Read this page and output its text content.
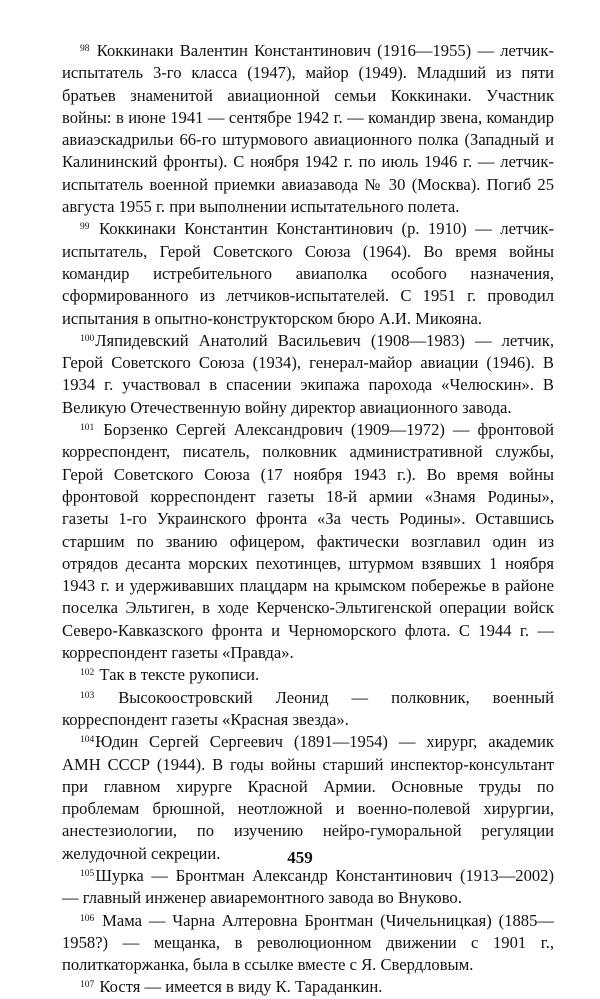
$^{98}$ Коккинаки Валентин Константинович (1916—1955) — летчик-испытатель 3-го класса (1947), майор (1949). Младший из пяти братьев знаменитой авиационной семьи Коккинаки. Участник войны: в июне 1941 — сентябре 1942 г. — командир звена, командир авиаэскадрильи 66-го штурмового авиационного полка (Западный и Калининский фронты). С ноября 1942 г. по июль 1946 г. — летчик-испытатель военной приемки авиазавода № 30 (Москва). Погиб 25 августа 1955 г. при выполнении испытательного полета.

$^{99}$ Коккинаки Константин Константинович (р. 1910) — летчик-испытатель, Герой Советского Союза (1964). Во время войны командир истребительного авиаполка особого назначения, сформированного из летчиков-испытателей. С 1951 г. проводил испытания в опытно-конструкторском бюро А.И. Микояна.

$^{100}$Ляпидевский Анатолий Васильевич (1908—1983) — летчик, Герой Советского Союза (1934), генерал-майор авиации (1946). В 1934 г. участвовал в спасении экипажа парохода «Челюскин». В Великую Отечественную войну директор авиационного завода.

$^{101}$ Борзенко Сергей Александрович (1909—1972) — фронтовой корреспондент, писатель, полковник административной службы, Герой Советского Союза (17 ноября 1943 г.). Во время войны фронтовой корреспондент газеты 18-й армии «Знамя Родины», газеты 1-го Украинского фронта «За честь Родины». Оставшись старшим по званию офицером, фактически возглавил один из отрядов десанта морских пехотинцев, штурмом взявших 1 ноября 1943 г. и удерживавших плацдарм на крымском побережье в районе поселка Эльтиген, в ходе Керченско-Эльтигенской операции войск Северо-Кавказского фронта и Черноморского флота. С 1944 г. — корреспондент газеты «Правда».

$^{102}$ Так в тексте рукописи.

$^{103}$ Высокоостровский Леонид — полковник, военный корреспондент газеты «Красная звезда».

$^{104}$Юдин Сергей Сергеевич (1891—1954) — хирург, академик АМН СССР (1944). В годы войны старший инспектор-консультант при главном хирурге Красной Армии. Основные труды по проблемам брюшной, неотложной и военно-полевой хирургии, анестезиологии, по изучению нейро-гуморальной регуляции желудочной секреции.

$^{105}$Шурка — Бронтман Александр Константинович (1913—2002) — главный инженер авиаремонтного завода во Внуково.

$^{106}$ Мама — Чарна Алтеровна Бронтман (Чичельницкая) (1885—1958?) — мещанка, в революционном движении с 1901 г., политкаторжанка, была в ссылке вместе с Я. Свердловым.

$^{107}$ Костя — имеется в виду К. Тараданкин.

459
